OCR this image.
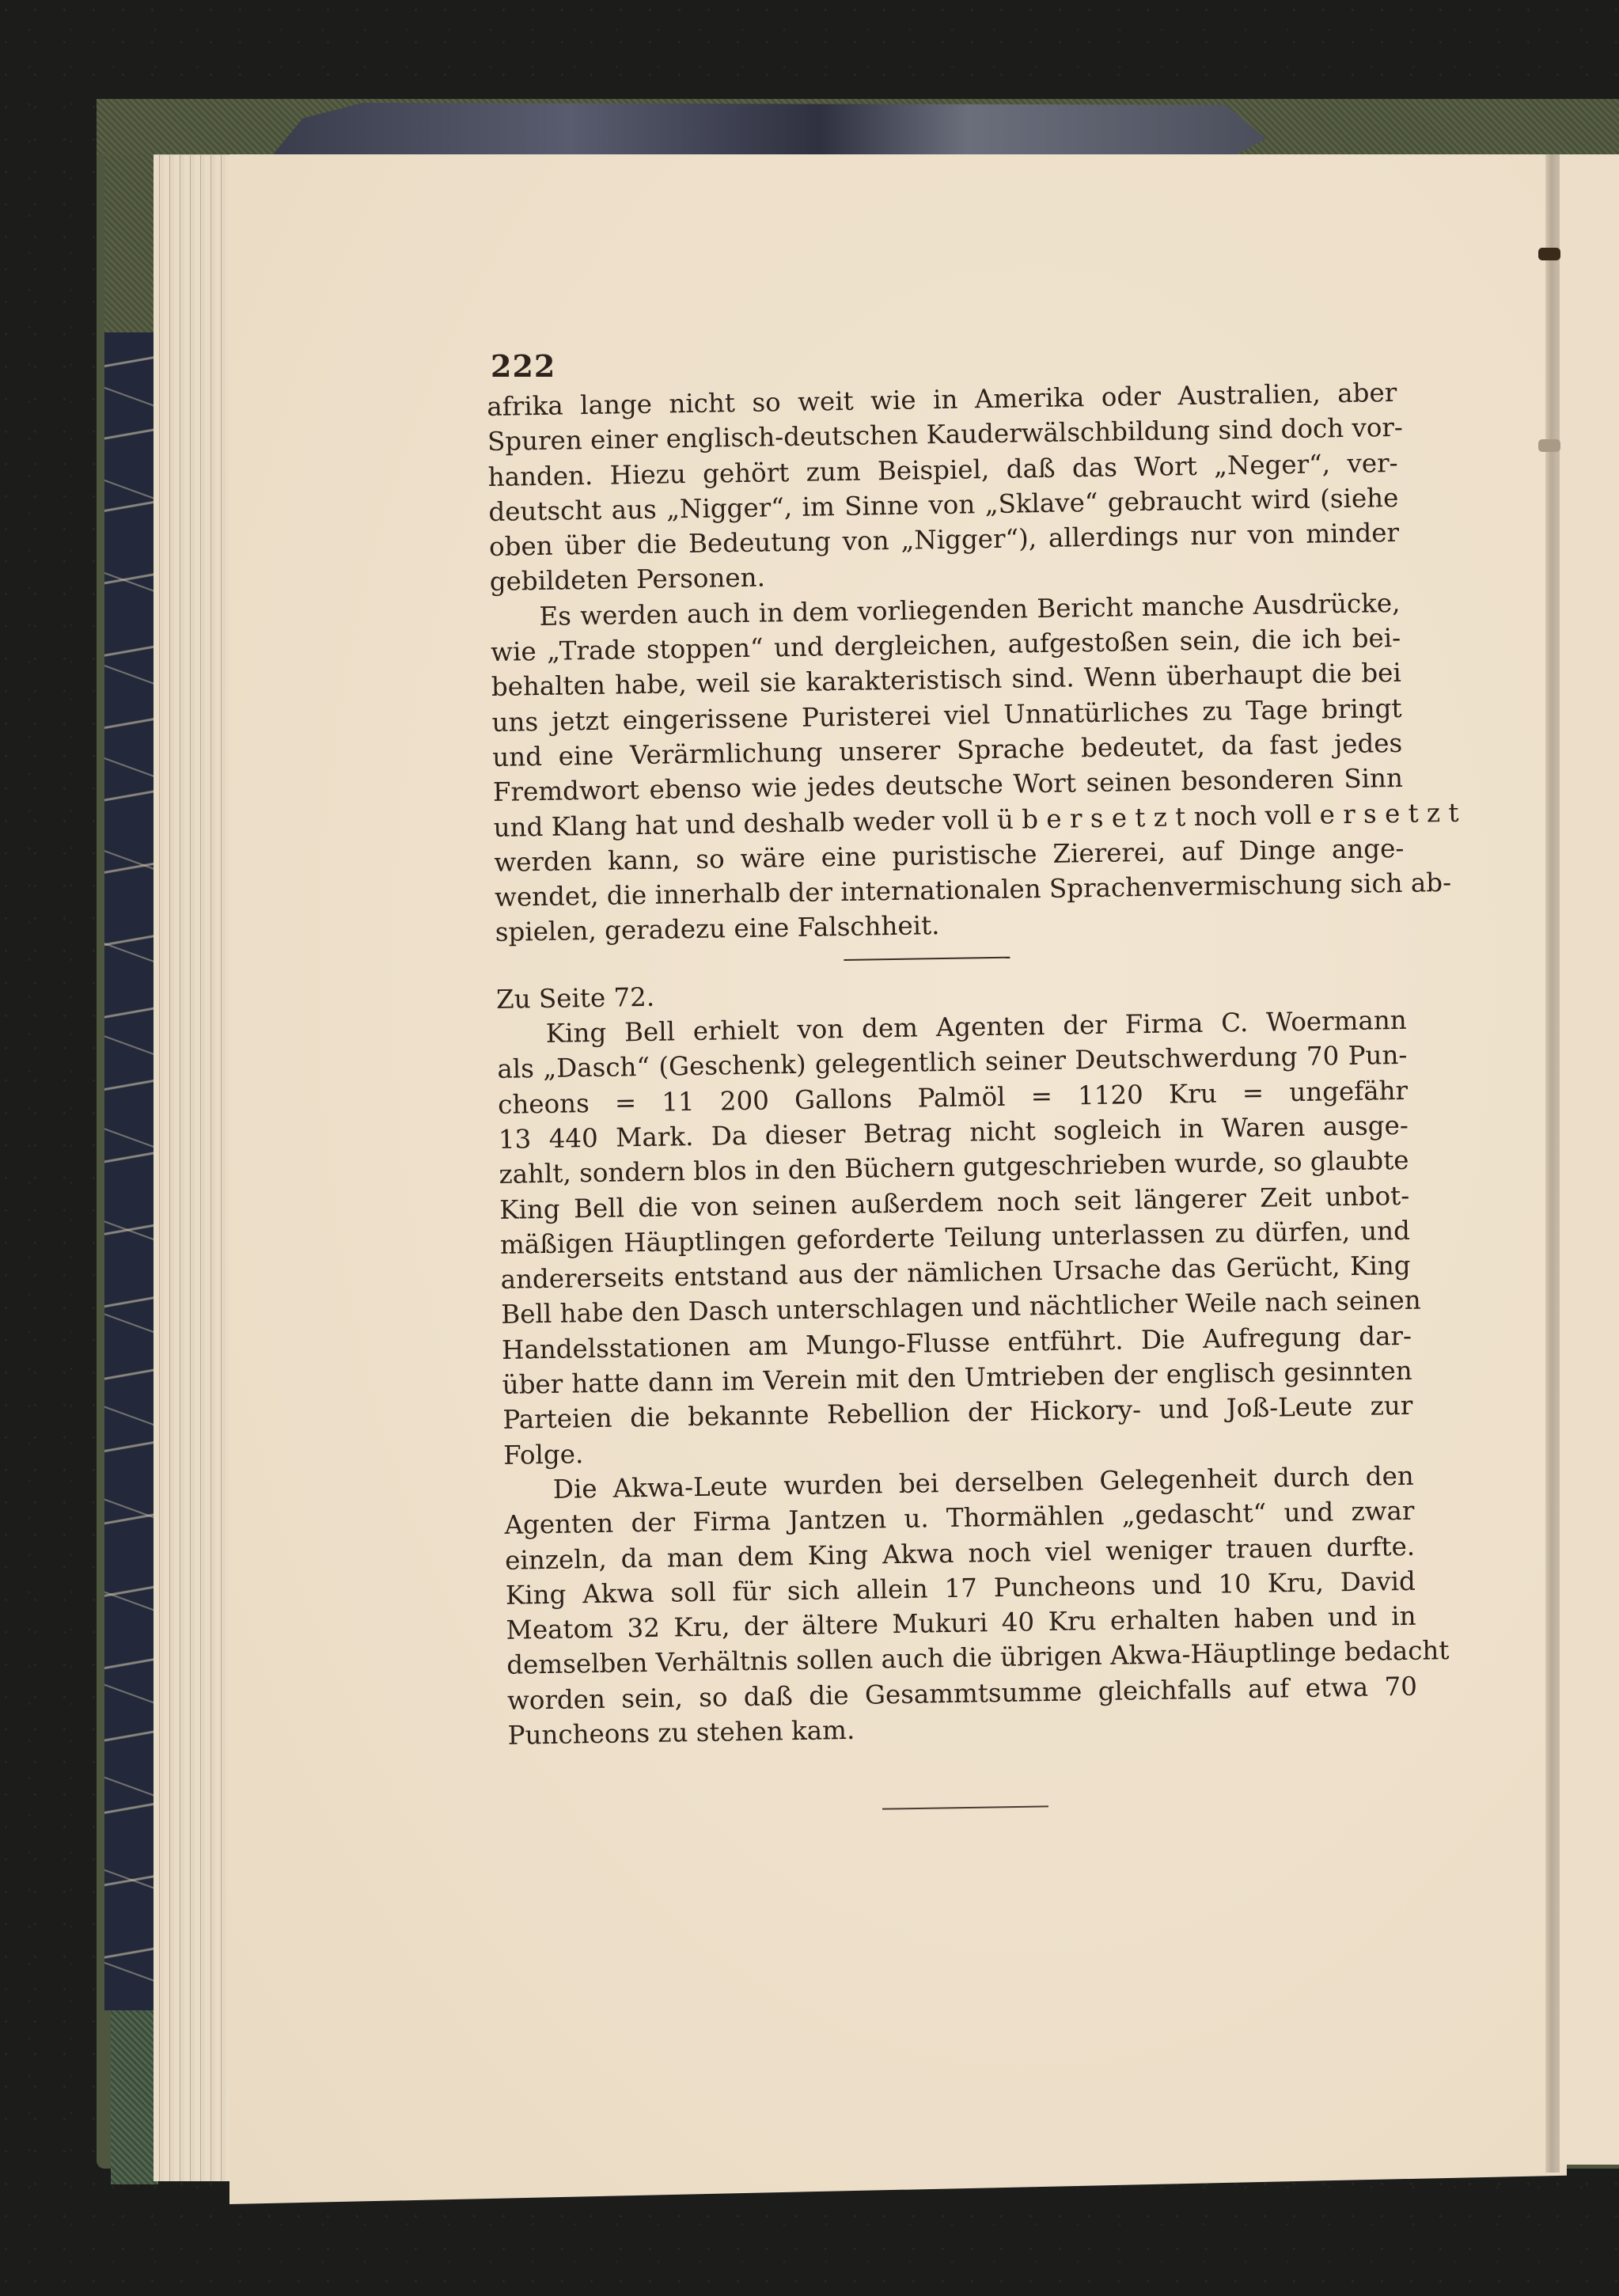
222
afrika lange nicht so weit wie in Amerika oder Australien, aber
Spuren einer englisch-deutschen Kauderwälschbildung sind doch vor-
handen. Hiezu gehört zum Beispiel, daß das Wort „Neger“, ver-
deutscht aus „Nigger“, im Sinne von „Sklave“ gebraucht wird (siehe
oben über die Bedeutung von „Nigger“), allerdings nur von minder
gebildeten Personen.
Es werden auch in dem vorliegenden Bericht manche Ausdrücke,
wie „Trade stoppen“ und dergleichen, aufgestoßen sein, die ich bei-
behalten habe, weil sie karakteristisch sind. Wenn überhaupt die bei
uns jetzt eingerissene Puristerei viel Unnatürliches zu Tage bringt
und eine Verärmlichung unserer Sprache bedeutet, da fast jedes
Fremdwort ebenso wie jedes deutsche Wort seinen besonderen Sinn
und Klang hat und deshalb weder voll ü b e r s e t z t noch voll e r s e t z t
werden kann, so wäre eine puristische Ziererei, auf Dinge ange-
wendet, die innerhalb der internationalen Sprachenvermischung sich ab-
spielen, geradezu eine Falschheit.
Zu Seite 72.
King Bell erhielt von dem Agenten der Firma C. Woermann
als „Dasch“ (Geschenk) gelegentlich seiner Deutschwerdung 70 Pun-
cheons = 11 200 Gallons Palmöl = 1120 Kru = ungefähr
13 440 Mark. Da dieser Betrag nicht sogleich in Waren ausge-
zahlt, sondern blos in den Büchern gutgeschrieben wurde, so glaubte
King Bell die von seinen außerdem noch seit längerer Zeit unbot-
mäßigen Häuptlingen geforderte Teilung unterlassen zu dürfen, und
andererseits entstand aus der nämlichen Ursache das Gerücht, King
Bell habe den Dasch unterschlagen und nächtlicher Weile nach seinen
Handelsstationen am Mungo-Flusse entführt. Die Aufregung dar-
über hatte dann im Verein mit den Umtrieben der englisch gesinnten
Parteien die bekannte Rebellion der Hickory- und Joß-Leute zur
Folge.
Die Akwa-Leute wurden bei derselben Gelegenheit durch den
Agenten der Firma Jantzen u. Thormählen „gedascht“ und zwar
einzeln, da man dem King Akwa noch viel weniger trauen durfte.
King Akwa soll für sich allein 17 Puncheons und 10 Kru, David
Meatom 32 Kru, der ältere Mukuri 40 Kru erhalten haben und in
demselben Verhältnis sollen auch die übrigen Akwa-Häuptlinge bedacht
worden sein, so daß die Gesammtsumme gleichfalls auf etwa 70
Puncheons zu stehen kam.
